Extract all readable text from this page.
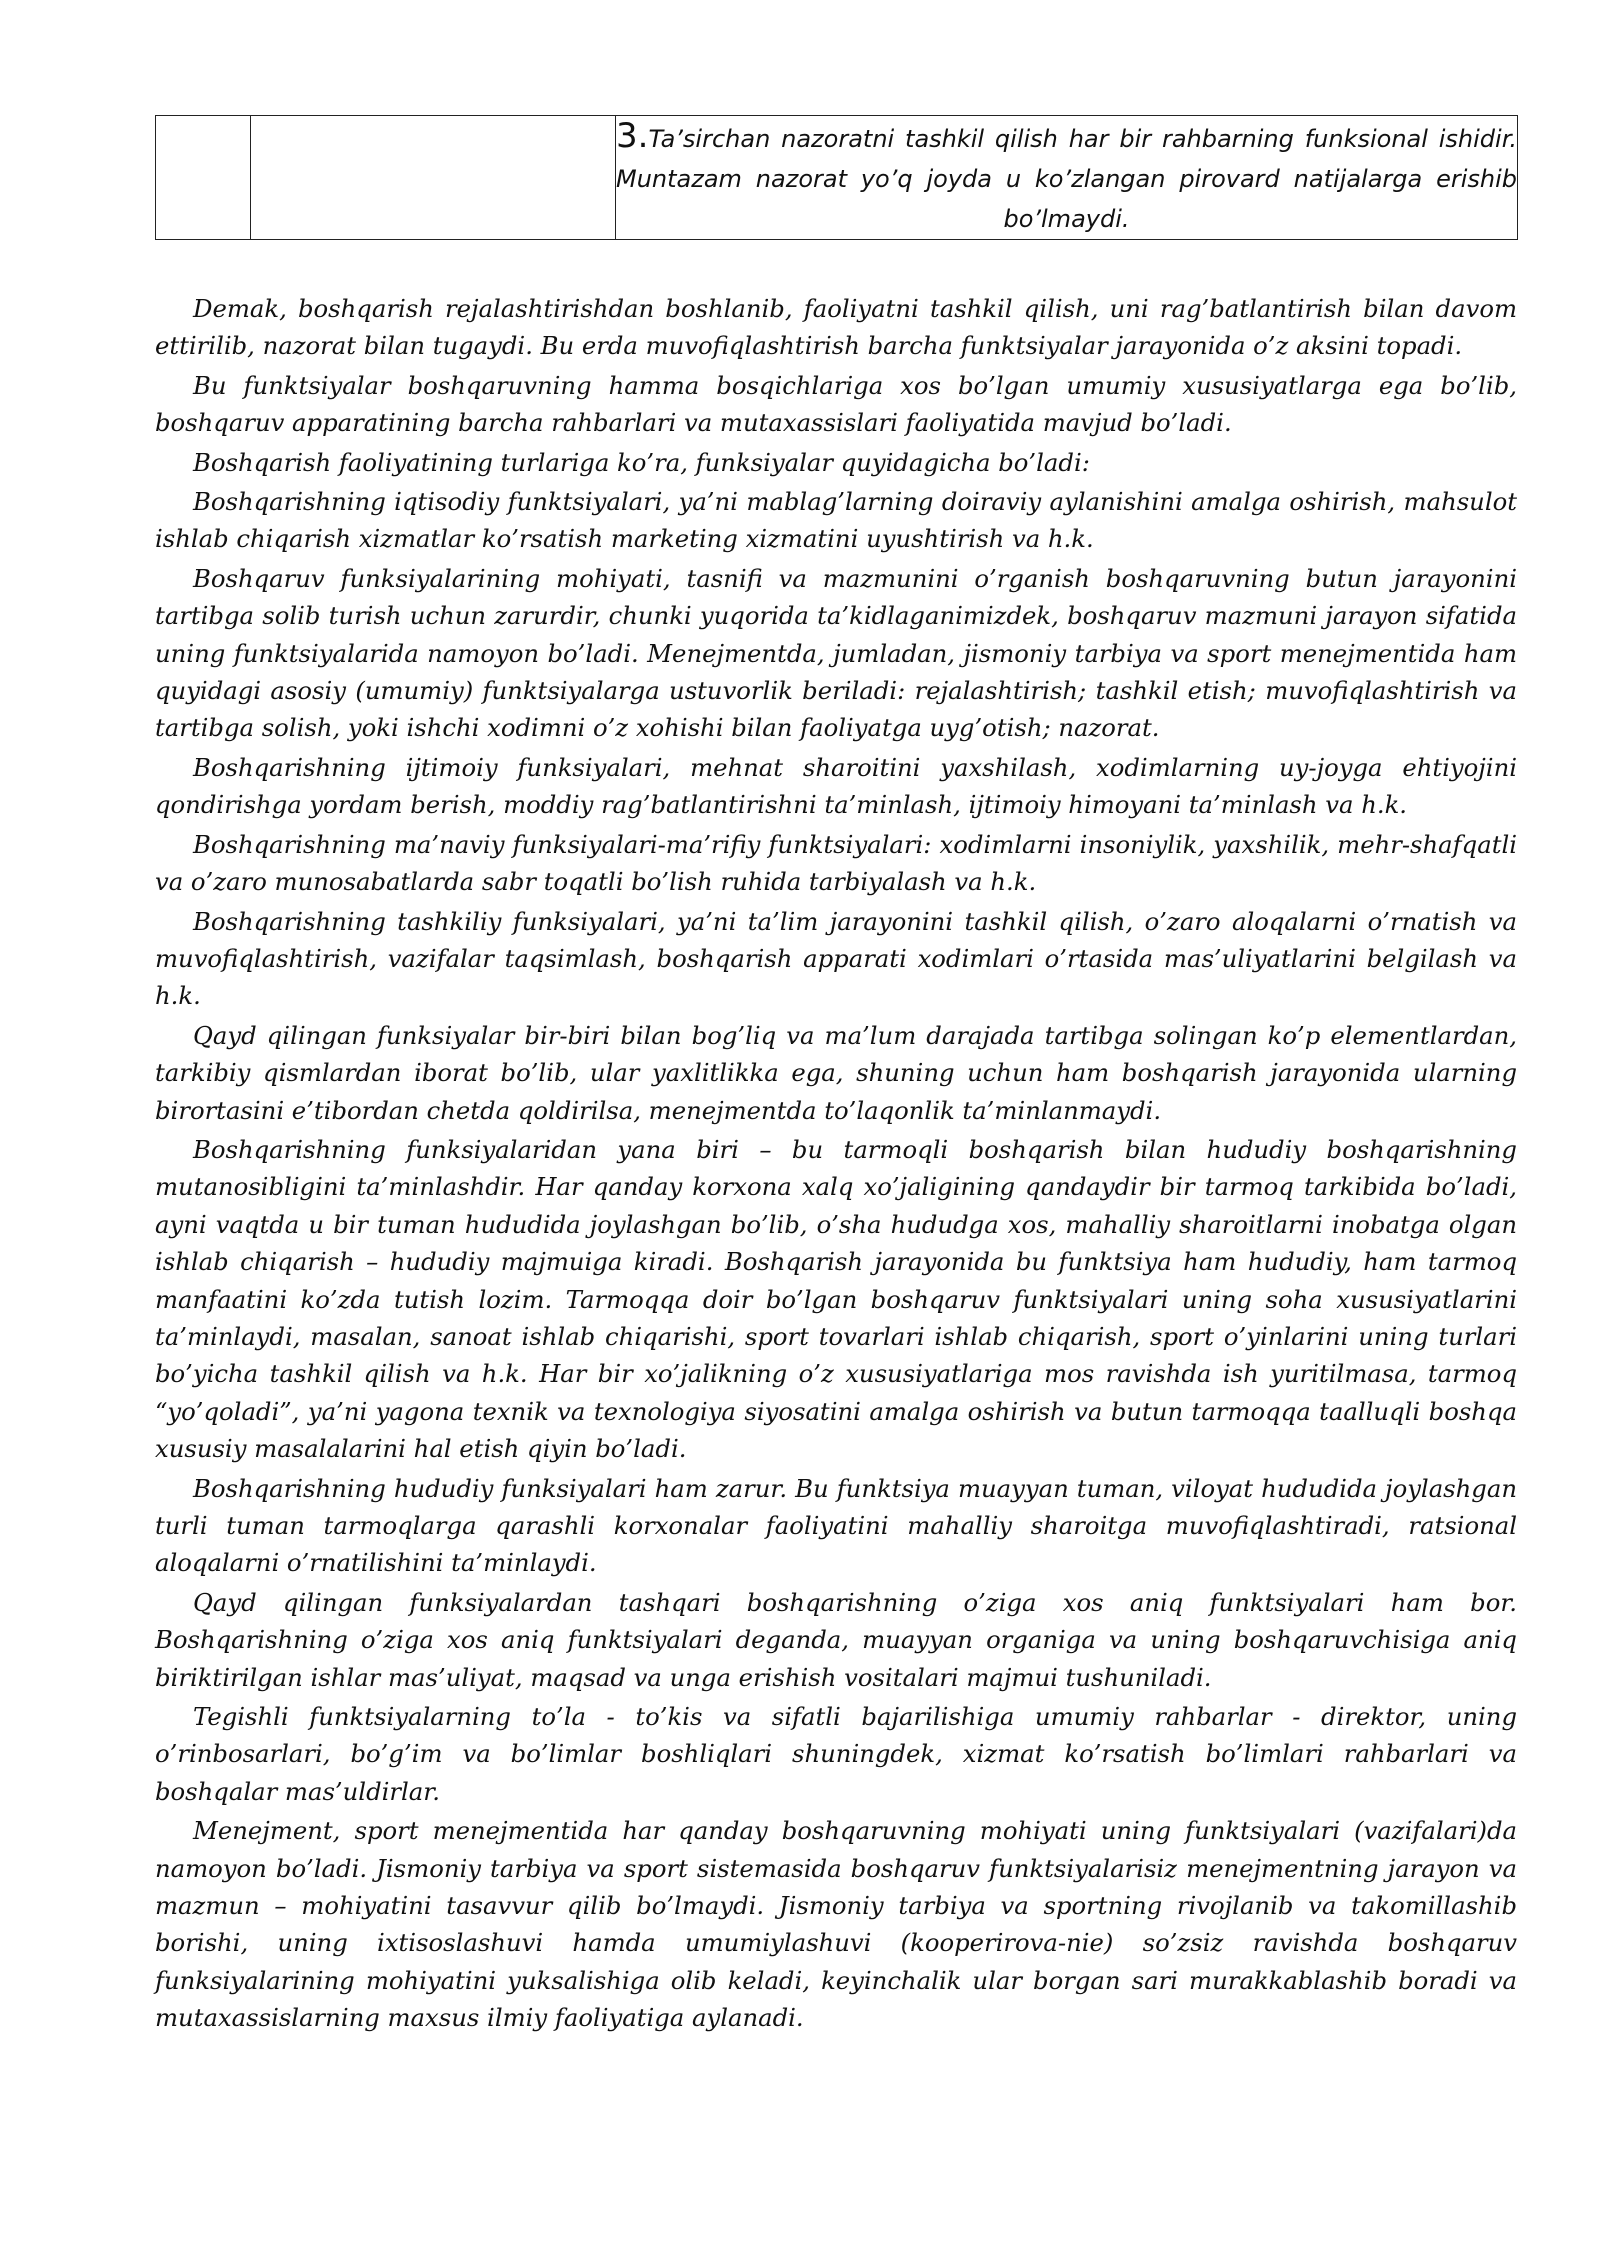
		3.Ta’sirchan nazoratni tashkil qilish har bir rahbarning funksional ishidir. Muntazam nazorat yo’q joyda u ko’zlangan pirovard natijalarga erishib bo’lmaydi.

Demak, boshqarish rejalashtirishdan boshlanib, faoliyatni tashkil qilish, uni rag’batlantirish bilan davom ettirilib, nazorat bilan tugaydi. Bu erda muvofiqlashtirish barcha funktsiyalar jarayonida o’z aksini topadi.

Bu funktsiyalar boshqaruvning hamma bosqichlariga xos bo’lgan umumiy xususiyatlarga ega bo’lib, boshqaruv apparatining barcha rahbarlari va mutaxassislari faoliyatida mavjud bo’ladi.

Boshqarish faoliyatining turlariga ko’ra, funksiyalar quyidagicha bo’ladi:

Boshqarishning iqtisodiy funktsiyalari, ya’ni mablag’larning doiraviy aylanishini amalga oshirish, mahsulot ishlab chiqarish xizmatlar ko’rsatish marketing xizmatini uyushtirish va h.k.

Boshqaruv funksiyalarining mohiyati, tasnifi va mazmunini o’rganish boshqaruvning butun jarayonini tartibga solib turish uchun zarurdir, chunki yuqorida ta’kidlaganimizdek, boshqaruv mazmuni jarayon sifatida uning funktsiyalarida namoyon bo’ladi. Menejmentda, jumladan, jismoniy tarbiya va sport menejmentida ham quyidagi asosiy (umumiy) funktsiyalarga ustuvorlik beriladi: rejalashtirish; tashkil etish; muvofiqlashtirish va tartibga solish, yoki ishchi xodimni o’z xohishi bilan faoliyatga uyg’otish; nazorat.

Boshqarishning ijtimoiy funksiyalari, mehnat sharoitini yaxshilash, xodimlarning uy-joyga ehtiyojini qondirishga yordam berish, moddiy rag’batlantirishni ta’minlash, ijtimoiy himoyani ta’minlash va h.k.

Boshqarishning ma’naviy funksiyalari-ma’rifiy funktsiyalari: xodimlarni insoniylik, yaxshilik, mehr-shafqatli va o’zaro munosabatlarda sabr toqatli bo’lish ruhida tarbiyalash va h.k.

Boshqarishning tashkiliy funksiyalari, ya’ni ta’lim jarayonini tashkil qilish, o’zaro aloqalarni o’rnatish va muvofiqlashtirish, vazifalar taqsimlash, boshqarish apparati xodimlari o’rtasida mas’uliyatlarini belgilash va h.k.

Qayd qilingan funksiyalar bir-biri bilan bog’liq va ma’lum darajada tartibga solingan ko’p elementlardan, tarkibiy qismlardan iborat bo’lib, ular yaxlitlikka ega, shuning uchun ham boshqarish jarayonida ularning birortasini e’tibordan chetda qoldirilsa, menejmentda to’laqonlik ta’minlanmaydi.

Boshqarishning funksiyalaridan yana biri – bu tarmoqli boshqarish bilan hududiy boshqarishning mutanosibligini ta’minlashdir. Har qanday korxona xalq xo’jaligining qandaydir bir tarmoq tarkibida bo’ladi, ayni vaqtda u bir tuman hududida joylashgan bo’lib, o’sha hududga xos, mahalliy sharoitlarni inobatga olgan ishlab chiqarish – hududiy majmuiga kiradi. Boshqarish jarayonida bu funktsiya ham hududiy, ham tarmoq manfaatini ko’zda tutish lozim. Tarmoqqa doir bo’lgan boshqaruv funktsiyalari uning soha xususiyatlarini ta’minlaydi, masalan, sanoat ishlab chiqarishi, sport tovarlari ishlab chiqarish, sport o’yinlarini uning turlari bo’yicha tashkil qilish va h.k. Har bir xo’jalikning o’z xususiyatlariga mos ravishda ish yuritilmasa, tarmoq “yo’qoladi”, ya’ni yagona texnik va texnologiya siyosatini amalga oshirish va butun tarmoqqa taalluqli boshqa xususiy masalalarini hal etish qiyin bo’ladi.

Boshqarishning hududiy funksiyalari ham zarur. Bu funktsiya muayyan tuman, viloyat hududida joylashgan turli tuman tarmoqlarga qarashli korxonalar faoliyatini mahalliy sharoitga muvofiqlashtiradi, ratsional aloqalarni o’rnatilishini ta’minlaydi.

Qayd qilingan funksiyalardan tashqari boshqarishning o’ziga xos aniq funktsiyalari ham bor. Boshqarishning o’ziga xos aniq funktsiyalari deganda, muayyan organiga va uning boshqaruvchisiga aniq biriktirilgan ishlar mas’uliyat, maqsad va unga erishish vositalari majmui tushuniladi.

Tegishli funktsiyalarning to’la - to’kis va sifatli bajarilishiga umumiy rahbarlar - direktor, uning o’rinbosarlari, bo’g’im va bo’limlar boshliqlari shuningdek, xizmat ko’rsatish bo’limlari rahbarlari va boshqalar mas’uldirlar.

Menejment, sport menejmentida har qanday boshqaruvning mohiyati uning funktsiyalari (vazifalari)da namoyon bo’ladi. Jismoniy tarbiya va sport sistemasida boshqaruv funktsiyalarisiz menejmentning jarayon va mazmun – mohiyatini tasavvur qilib bo’lmaydi. Jismoniy tarbiya va sportning rivojlanib va takomillashib borishi, uning ixtisoslashuvi hamda umumiylashuvi (kooperirova-nie) so’zsiz ravishda boshqaruv funksiyalarining mohiyatini yuksalishiga olib keladi, keyinchalik ular borgan sari murakkablashib boradi va mutaxassislarning maxsus ilmiy faoliyatiga aylanadi.
